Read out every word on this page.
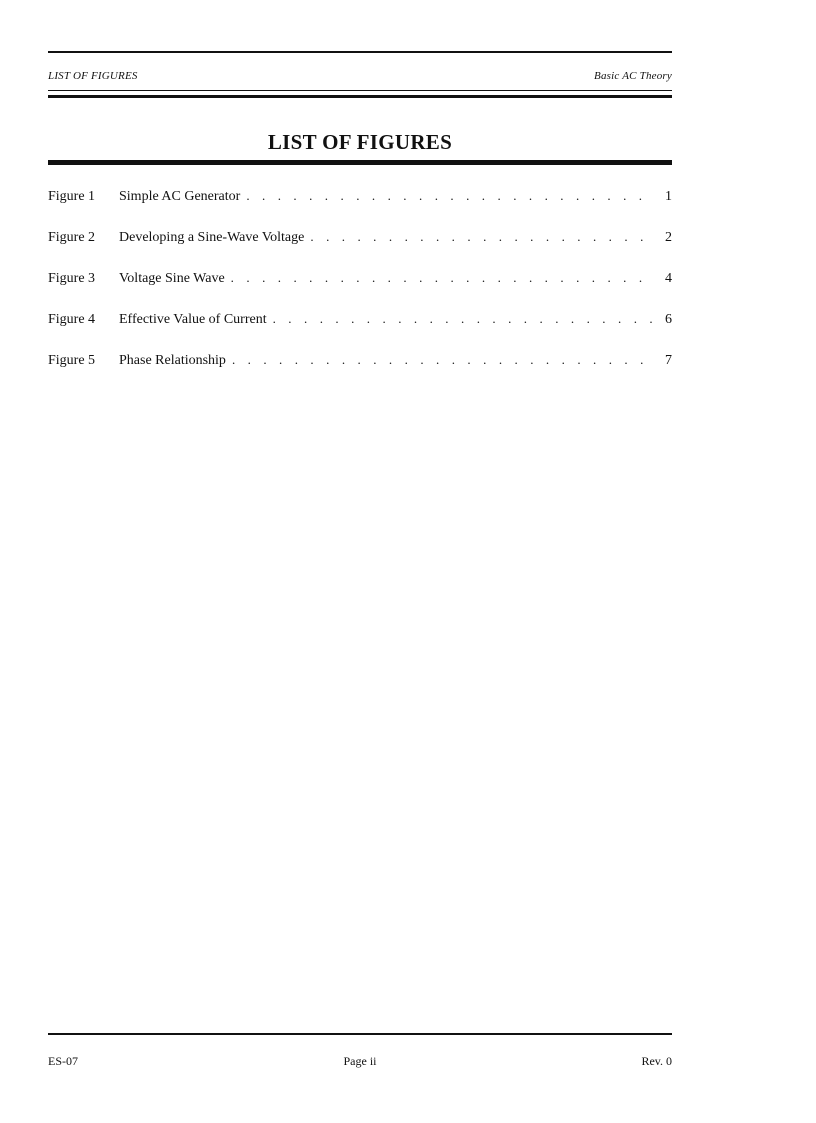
LIST OF FIGURES	Basic AC Theory
LIST OF FIGURES
Figure 1	Simple AC Generator . . .	1
Figure 2	Developing a Sine-Wave Voltage . . .	2
Figure 3	Voltage Sine Wave . . .	4
Figure 4	Effective Value of Current . . .	6
Figure 5	Phase Relationship . . .	7
ES-07	Page ii	Rev. 0
